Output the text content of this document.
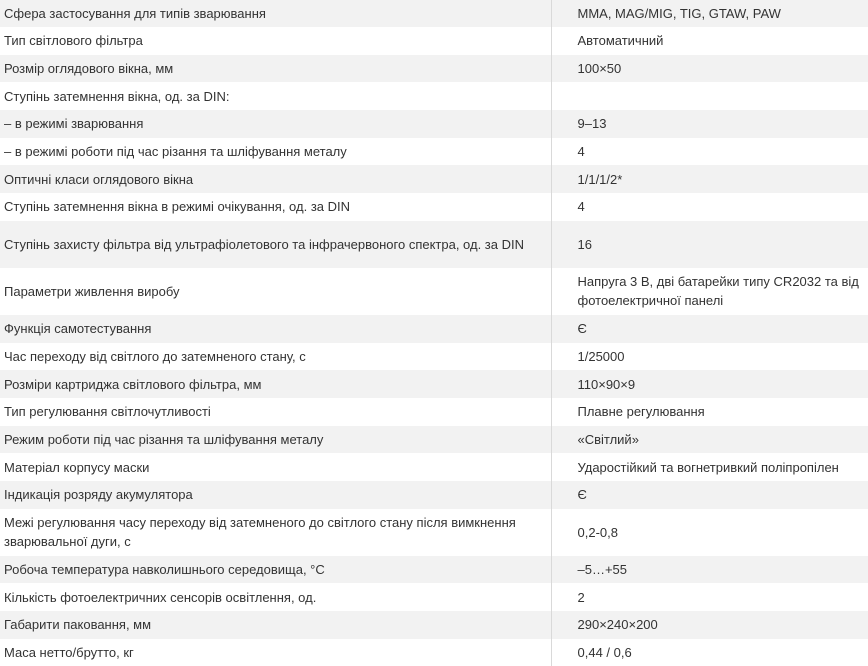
Сфера застосування для типів зварювання	MMA, MAG/MIG, TIG, GTAW, PAW
Тип світлового фільтра	Автоматичний
Розмір оглядового вікна, мм	100×50
Ступінь затемнення вікна, од. за DIN:	
– в режимі зварювання	9–13
– в режимі роботи під час різання та шліфування металу	4
Оптичні класи оглядового вікна	1/1/1/2*
Ступінь затемнення вікна в режимі очікування, од. за DIN	4
Ступінь захисту фільтра від ультрафіолетового та інфрачервоного спектра, од. за DIN	16
Параметри живлення виробу	Напруга 3 В, дві батарейки типу CR2032 та від фотоелектричної панелі
Функція самотестування	Є
Час переходу від світлого до затемненого стану, с	1/25000
Розміри картриджа світлового фільтра, мм	110×90×9
Тип регулювання світлочутливості	Плавне регулювання
Режим роботи під час різання та шліфування металу	«Світлий»
Матеріал корпусу маски	Ударостійкий та вогнетривкий поліпропілен
Індикація розряду акумулятора	Є
Межі регулювання часу переходу від затемненого до світлого стану після вимкнення зварювальної дуги, с	0,2-0,8
Робоча температура навколишнього середовища, °С	–5…+55
Кількість фотоелектричних сенсорів освітлення, од.	2
Габарити паковання, мм	290×240×200
Маса нетто/брутто, кг	0,44 / 0,6
